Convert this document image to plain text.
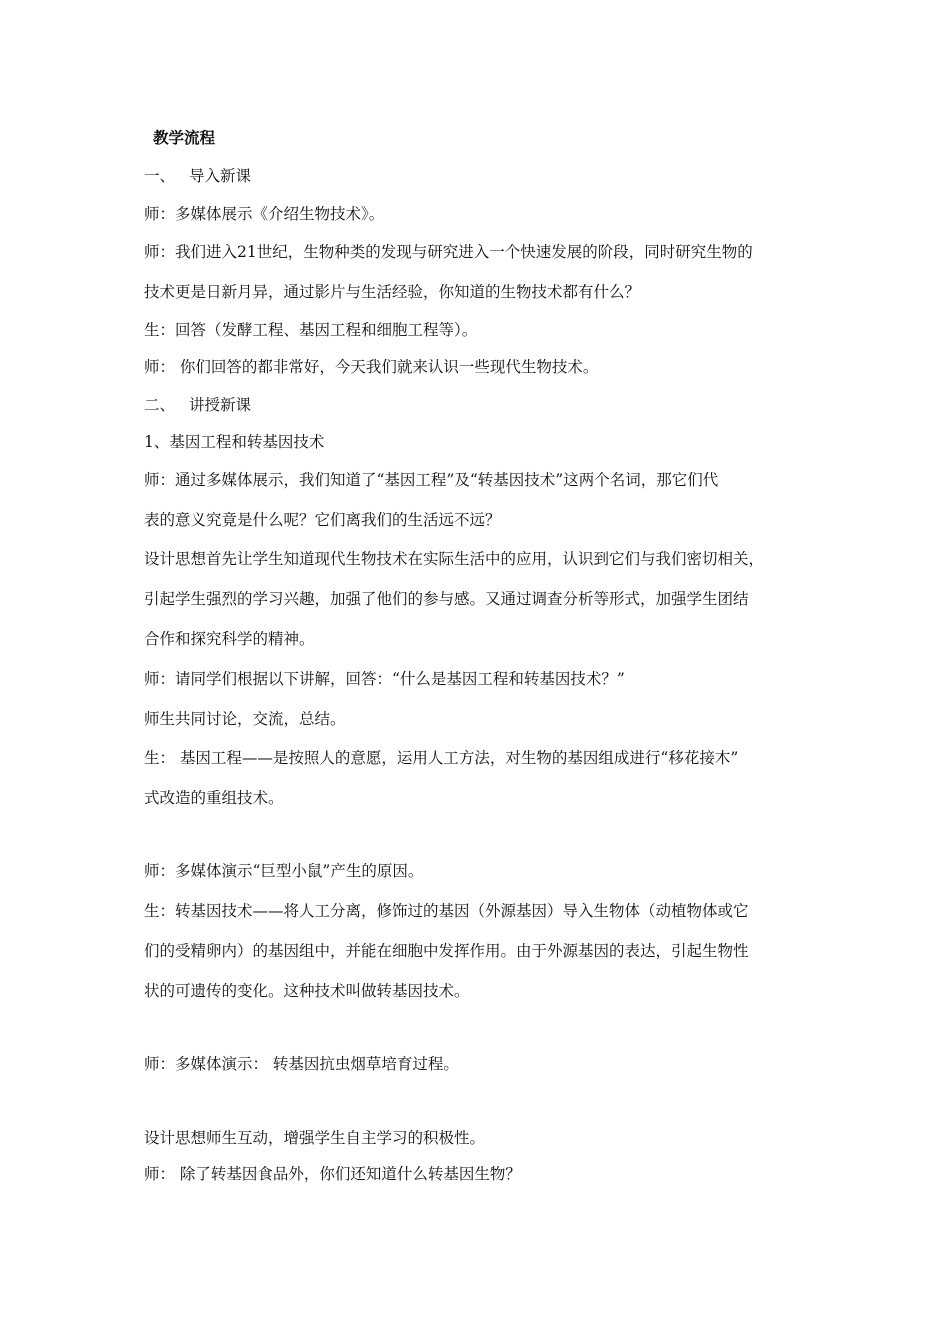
教学流程
一、 导入新课
师：多媒体展示《介绍生物技术》。
师：我们进入21世纪，生物种类的发现与研究进入一个快速发展的阶段，同时研究生物的
技术更是日新月异，通过影片与生活经验，你知道的生物技术都有什么？
生：回答（发酵工程、基因工程和细胞工程等）。
师： 你们回答的都非常好，今天我们就来认识一些现代生物技术。
二、 讲授新课
1、基因工程和转基因技术
师：通过多媒体展示，我们知道了“基因工程”及“转基因技术”这两个名词，那它们代
表的意义究竟是什么呢？它们离我们的生活远不远？
设计思想首先让学生知道现代生物技术在实际生活中的应用，认识到它们与我们密切相关，
引起学生强烈的学习兴趣，加强了他们的参与感。又通过调查分析等形式，加强学生团结
合作和探究科学的精神。
师：请同学们根据以下讲解，回答：“什么是基因工程和转基因技术？”
师生共同讨论，交流，总结。
生： 基因工程——是按照人的意愿，运用人工方法，对生物的基因组成进行“移花接木”
式改造的重组技术。
师：多媒体演示“巨型小鼠”产生的原因。
生：转基因技术——将人工分离，修饰过的基因（外源基因）导入生物体（动植物体或它
们的受精卵内）的基因组中，并能在细胞中发挥作用。由于外源基因的表达，引起生物性
状的可遗传的变化。这种技术叫做转基因技术。
师：多媒体演示： 转基因抗虫烟草培育过程。
设计思想师生互动，增强学生自主学习的积极性。
师： 除了转基因食品外，你们还知道什么转基因生物？
